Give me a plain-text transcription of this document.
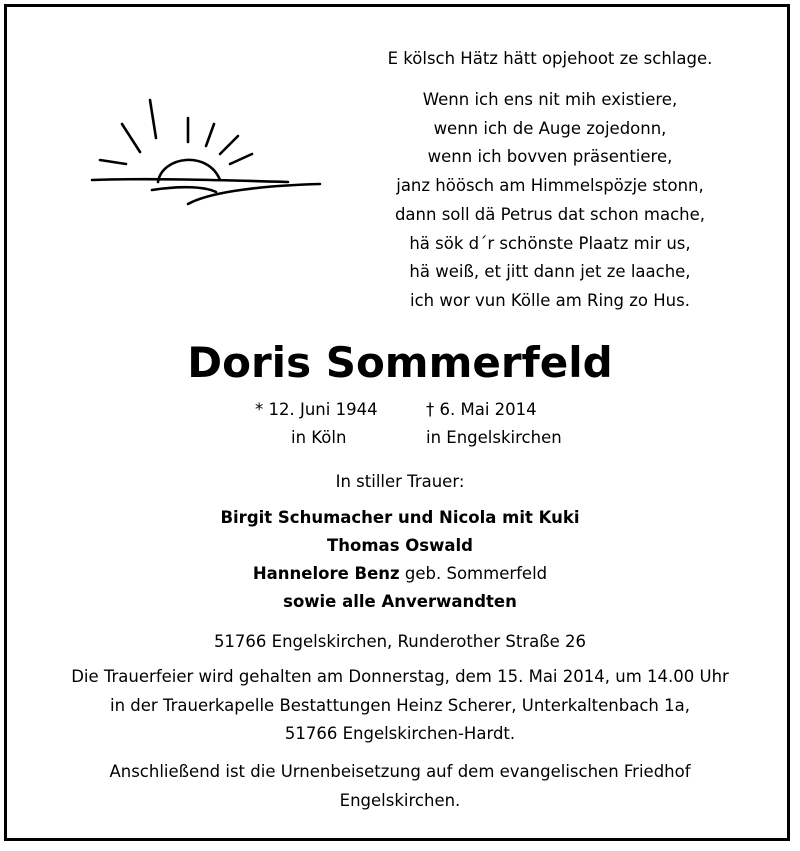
E kölsch Hätz hätt opjehoot ze schlage.
Wenn ich ens nit mih existiere,
wenn ich de Auge zojedonn,
wenn ich bovven präsentiere,
janz höösch am Himmelspözje stonn,
dann soll dä Petrus dat schon mache,
hä sök d´r schönste Plaatz mir us,
hä weiß, et jitt dann jet ze laache,
ich wor vun Kölle am Ring zo Hus.
Doris Sommerfeld
* 12. Juni 1944
in Köln
† 6. Mai 2014
in Engelskirchen
In stiller Trauer:
Birgit Schumacher und Nicola mit Kuki
Thomas Oswald
Hannelore Benz geb. Sommerfeld
sowie alle Anverwandten
51766 Engelskirchen, Runderother Straße 26
Die Trauerfeier wird gehalten am Donnerstag, dem 15. Mai 2014, um 14.00 Uhr
in der Trauerkapelle Bestattungen Heinz Scherer, Unterkaltenbach 1a,
51766 Engelskirchen-Hardt.
Anschließend ist die Urnenbeisetzung auf dem evangelischen Friedhof
Engelskirchen.
